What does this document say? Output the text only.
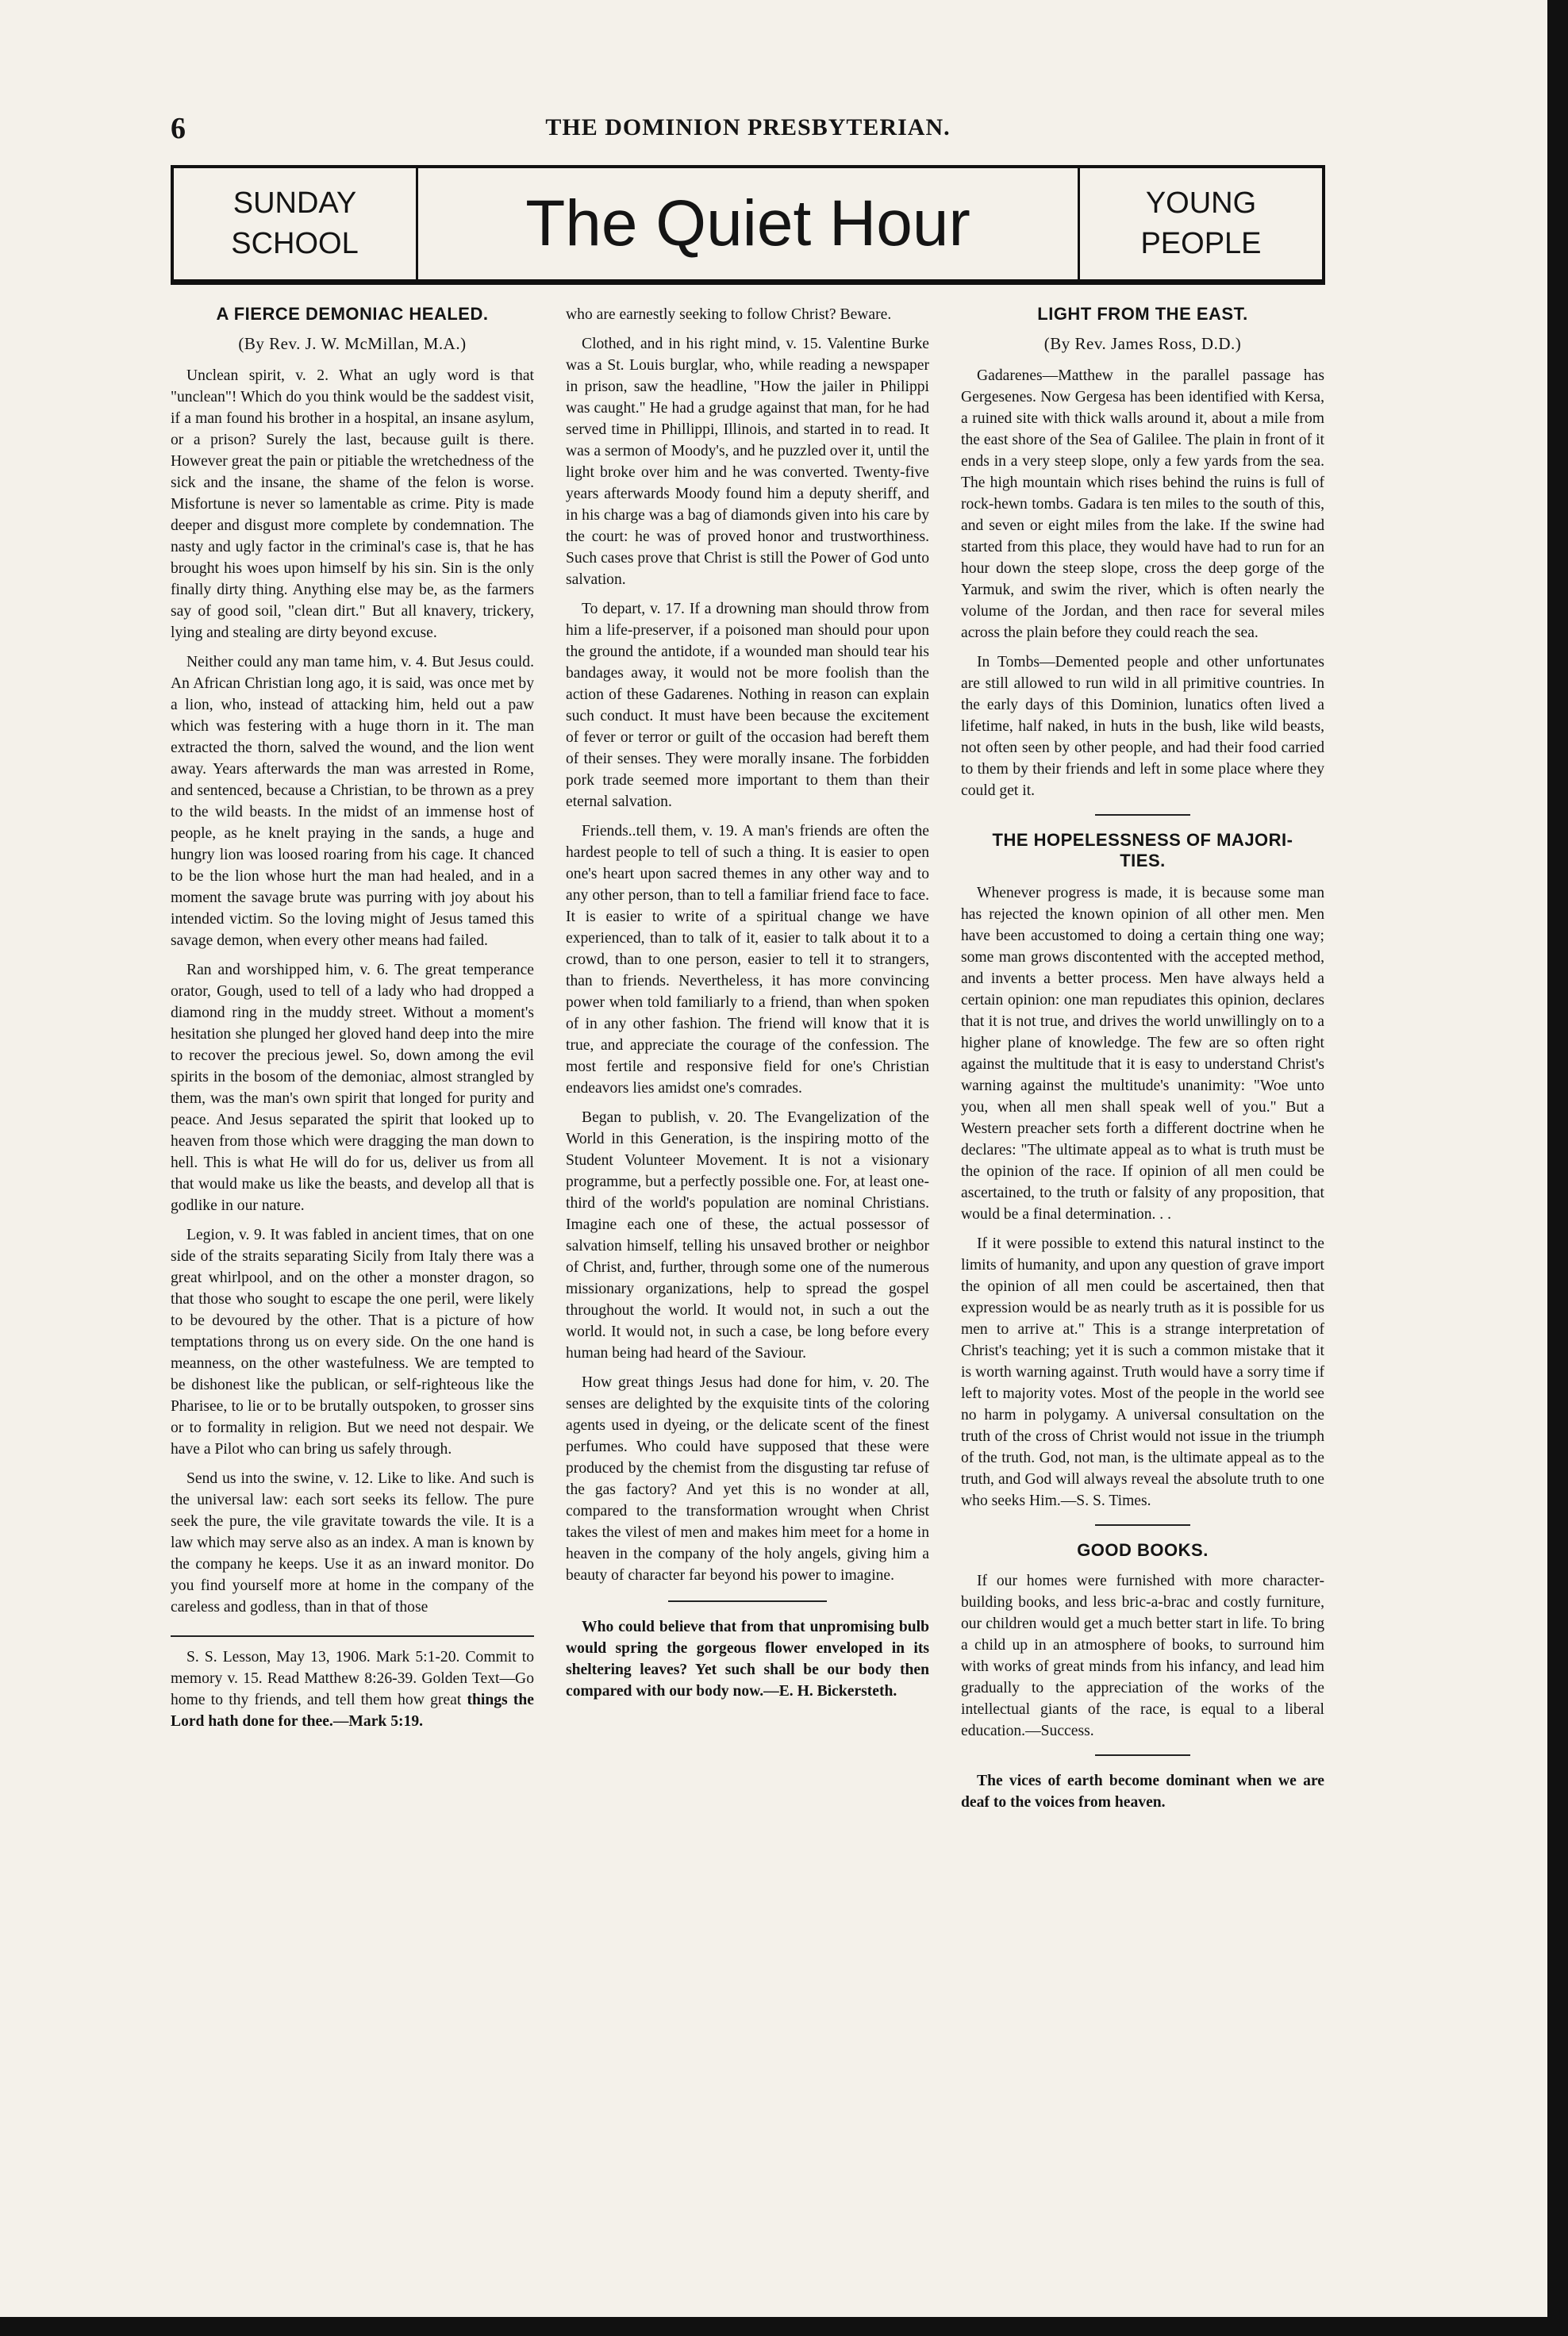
6	THE DOMINION PRESBYTERIAN.
SUNDAY
SCHOOL	The Quiet Hour	YOUNG
PEOPLE
A FIERCE DEMONIAC HEALED.
(By Rev. J. W. McMillan, M.A.)

Unclean spirit, v. 2. What an ugly word is that "unclean"! Which do you think would be the saddest visit, if a man found his brother in a hospital, an insane asylum, or a prison? Surely the last, because guilt is there. However great the pain or pitiable the wretchedness of the sick and the insane, the shame of the felon is worse. Misfortune is never so lamentable as crime. Pity is made deeper and disgust more complete by condemnation. The nasty and ugly factor in the criminal's case is, that he has brought his woes upon himself by his sin. Sin is the only finally dirty thing. Anything else may be, as the farmers say of good soil, "clean dirt." But all knavery, trickery, lying and stealing are dirty beyond excuse.

Neither could any man tame him, v. 4. But Jesus could. An African Christian long ago, it is said, was once met by a lion, who, instead of attacking him, held out a paw which was festering with a huge thorn in it. The man extracted the thorn, salved the wound, and the lion went away. Years afterwards the man was arrested in Rome, and sentenced, because a Christian, to be thrown as a prey to the wild beasts. In the midst of an immense host of people, as he knelt praying in the sands, a huge and hungry lion was loosed roaring from his cage. It chanced to be the lion whose hurt the man had healed, and in a moment the savage brute was purring with joy about his intended victim. So the loving might of Jesus tamed this savage demon, when every other means had failed.

Ran and worshipped him, v. 6. The great temperance orator, Gough, used to tell of a lady who had dropped a diamond ring in the muddy street. Without a moment's hesitation she plunged her gloved hand deep into the mire to recover the precious jewel. So, down among the evil spirits in the bosom of the demoniac, almost strangled by them, was the man's own spirit that longed for purity and peace. And Jesus separated the spirit that looked up to heaven from those which were dragging the man down to hell. This is what He will do for us, deliver us from all that would make us like the beasts, and develop all that is godlike in our nature.

Legion, v. 9. It was fabled in ancient times, that on one side of the straits separating Sicily from Italy there was a great whirlpool, and on the other a monster dragon, so that those who sought to escape the one peril, were likely to be devoured by the other. That is a picture of how temptations throng us on every side. On the one hand is meanness, on the other wastefulness. We are tempted to be dishonest like the publican, or self-righteous like the Pharisee, to lie or to be brutally outspoken, to grosser sins or to formality in religion. But we need not despair. We have a Pilot who can bring us safely through.

Send us into the swine, v. 12. Like to like. And such is the universal law: each sort seeks its fellow. The pure seek the pure, the vile gravitate towards the vile. It is a law which may serve also as an index. A man is known by the company he keeps. Use it as an inward monitor. Do you find yourself more at home in the company of the careless and godless, than in that of those

S. S. Lesson, May 13, 1906. Mark 5:1-20. Commit to memory v. 15. Read Matthew 8:26-39. Golden Text—Go home to thy friends, and tell them how great things the Lord hath done for thee.—Mark 5:19.

who are earnestly seeking to follow Christ? Beware.

Clothed, and in his right mind, v. 15. Valentine Burke was a St. Louis burglar, who, while reading a newspaper in prison, saw the headline, "How the jailer in Philippi was caught." He had a grudge against that man, for he had served time in Phillippi, Illinois, and started in to read. It was a sermon of Moody's, and he puzzled over it, until the light broke over him and he was converted. Twenty-five years afterwards Moody found him a deputy sheriff, and in his charge was a bag of diamonds given into his care by the court: he was of proved honor and trustworthiness. Such cases prove that Christ is still the Power of God unto salvation.

To depart, v. 17. If a drowning man should throw from him a life-preserver, if a poisoned man should pour upon the ground the antidote, if a wounded man should tear his bandages away, it would not be more foolish than the action of these Gadarenes. Nothing in reason can explain such conduct. It must have been because the excitement of fever or terror or guilt of the occasion had bereft them of their senses. They were morally insane. The forbidden pork trade seemed more important to them than their eternal salvation.

Friends..tell them, v. 19. A man's friends are often the hardest people to tell of such a thing. It is easier to open one's heart upon sacred themes in any other way and to any other person, than to tell a familiar friend face to face. It is easier to write of a spiritual change we have experienced, than to talk of it, easier to talk about it to a crowd, than to one person, easier to tell it to strangers, than to friends. Nevertheless, it has more convincing power when told familiarly to a friend, than when spoken of in any other fashion. The friend will know that it is true, and appreciate the courage of the confession. The most fertile and responsive field for one's Christian endeavors lies amidst one's comrades.

Began to publish, v. 20. The Evangelization of the World in this Generation, is the inspiring motto of the Student Volunteer Movement. It is not a visionary programme, but a perfectly possible one. For, at least one-third of the world's population are nominal Christians. Imagine each one of these, the actual possessor of salvation himself, telling his unsaved brother or neighbor of Christ, and, further, through some one of the numerous missionary organizations, help to spread the gospel throughout the world. It would not, in such a out the world. It would not, in such a case, be long before every human being had heard of the Saviour.

How great things Jesus had done for him, v. 20. The senses are delighted by the exquisite tints of the coloring agents used in dyeing, or the delicate scent of the finest perfumes. Who could have supposed that these were produced by the chemist from the disgusting tar refuse of the gas factory? And yet this is no wonder at all, compared to the transformation wrought when Christ takes the vilest of men and makes him meet for a home in heaven in the company of the holy angels, giving him a beauty of character far beyond his power to imagine.

Who could believe that from that unpromising bulb would spring the gorgeous flower enveloped in its sheltering leaves? Yet such shall be our body then compared with our body now.—E. H. Bickersteth.

LIGHT FROM THE EAST.
(By Rev. James Ross, D.D.)

Gadarenes—Matthew in the parallel passage has Gergesenes. Now Gergesa has been identified with Kersa, a ruined site with thick walls around it, about a mile from the east shore of the Sea of Galilee. The plain in front of it ends in a very steep slope, only a few yards from the sea. The high mountain which rises behind the ruins is full of rock-hewn tombs. Gadara is ten miles to the south of this, and seven or eight miles from the lake. If the swine had started from this place, they would have had to run for an hour down the steep slope, cross the deep gorge of the Yarmuk, and swim the river, which is often nearly the volume of the Jordan, and then race for several miles across the plain before they could reach the sea.

In Tombs—Demented people and other unfortunates are still allowed to run wild in all primitive countries. In the early days of this Dominion, lunatics often lived a lifetime, half naked, in huts in the bush, like wild beasts, not often seen by other people, and had their food carried to them by their friends and left in some place where they could get it.

THE HOPELESSNESS OF MAJORI-
TIES.

Whenever progress is made, it is because some man has rejected the known opinion of all other men. Men have been accustomed to doing a certain thing one way; some man grows discontented with the accepted method, and invents a better process. Men have always held a certain opinion: one man repudiates this opinion, declares that it is not true, and drives the world unwillingly on to a higher plane of knowledge. The few are so often right against the multitude that it is easy to understand Christ's warning against the multitude's unanimity: "Woe unto you, when all men shall speak well of you." But a Western preacher sets forth a different doctrine when he declares: "The ultimate appeal as to what is truth must be the opinion of the race. If opinion of all men could be ascertained, to the truth or falsity of any proposition, that would be a final determination. . .

If it were possible to extend this natural instinct to the limits of humanity, and upon any question of grave import the opinion of all men could be ascertained, then that expression would be as nearly truth as it is possible for us men to arrive at." This is a strange interpretation of Christ's teaching; yet it is such a common mistake that it is worth warning against. Truth would have a sorry time if left to majority votes. Most of the people in the world see no harm in polygamy. A universal consultation on the truth of the cross of Christ would not issue in the triumph of the truth. God, not man, is the ultimate appeal as to the truth, and God will always reveal the absolute truth to one who seeks Him.—S. S. Times.

GOOD BOOKS.

If our homes were furnished with more character-building books, and less bric-a-brac and costly furniture, our children would get a much better start in life. To bring a child up in an atmosphere of books, to surround him with works of great minds from his infancy, and lead him gradually to the appreciation of the works of the intellectual giants of the race, is equal to a liberal education.—Success.

The vices of earth become dominant when we are deaf to the voices from heaven.
